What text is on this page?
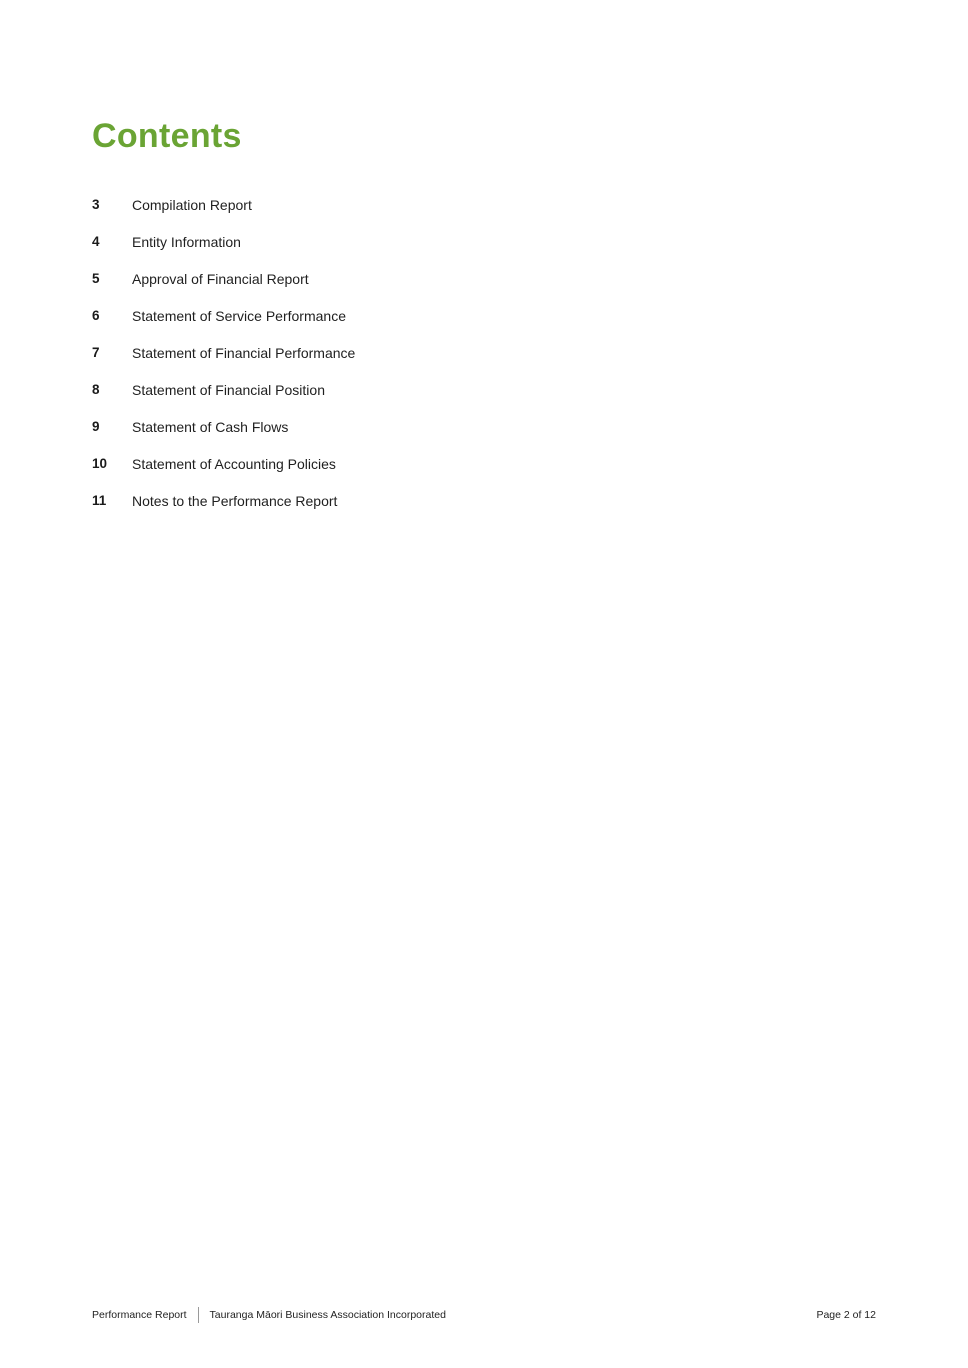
Contents
3	Compilation Report
4	Entity Information
5	Approval of Financial Report
6	Statement of Service Performance
7	Statement of Financial Performance
8	Statement of Financial Position
9	Statement of Cash Flows
10	Statement of Accounting Policies
11	Notes to the Performance Report
Performance Report Tauranga Māori Business Association Incorporated	Page 2 of 12
